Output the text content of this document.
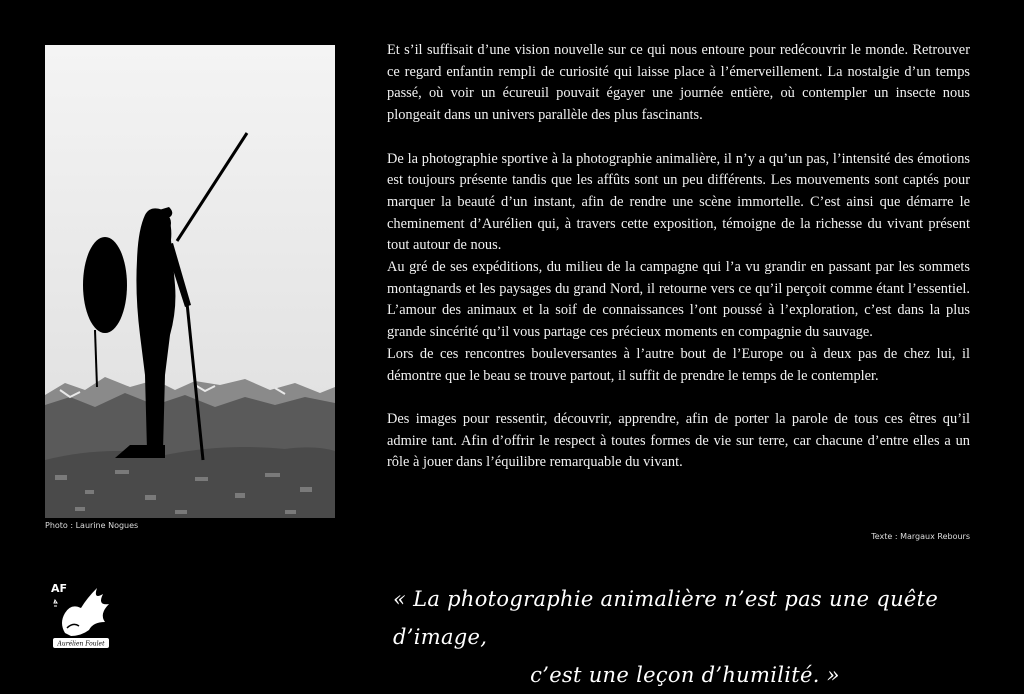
Photo : Laurine Nogues

Et s’il suffisait d’une vision nouvelle sur ce qui nous entoure pour redécouvrir le monde. Retrouver ce regard enfantin rempli de curiosité qui laisse place à l’émerveillement. La nostalgie d’un temps passé, où voir un écureuil pouvait égayer une journée entière, où contempler un insecte nous plongeait dans un univers parallèle des plus fascinants.

De la photographie sportive à la photographie animalière, il n’y a qu’un pas, l’intensité des émotions est toujours présente tandis que les affûts sont un peu différents. Les mouvements sont captés pour marquer la beauté d’un instant, afin de rendre une scène immortelle. C’est ainsi que démarre le cheminement d’Aurélien qui, à travers cette exposition, témoigne de la richesse du vivant présent tout autour de nous.

Au gré de ses expéditions, du milieu de la campagne qui l’a vu grandir en passant par les sommets montagnards et les paysages du grand Nord, il retourne vers ce qu’il perçoit comme étant l’essentiel. L’amour des animaux et la soif de connaissances l’ont poussé à l’exploration, c’est dans la plus grande sincérité qu’il vous partage ces précieux moments en compagnie du sauvage.

Lors de ces rencontres bouleversantes à l’autre bout de l’Europe ou à deux pas de chez lui, il démontre que le beau se trouve partout, il suffit de prendre le temps de le contempler.

Des images pour ressentir, découvrir, apprendre, afin de porter la parole de tous ces êtres qu’il admire tant. Afin d’offrir le respect à toutes formes de vie sur terre, car chacune d’entre elles a un rôle à jouer dans l’équilibre remarquable du vivant.

Texte : Margaux Rebours
AF
Aurélien Foulet
« La photographie animalière n’est pas une quête d’image,
c’est une leçon d’humilité. »
